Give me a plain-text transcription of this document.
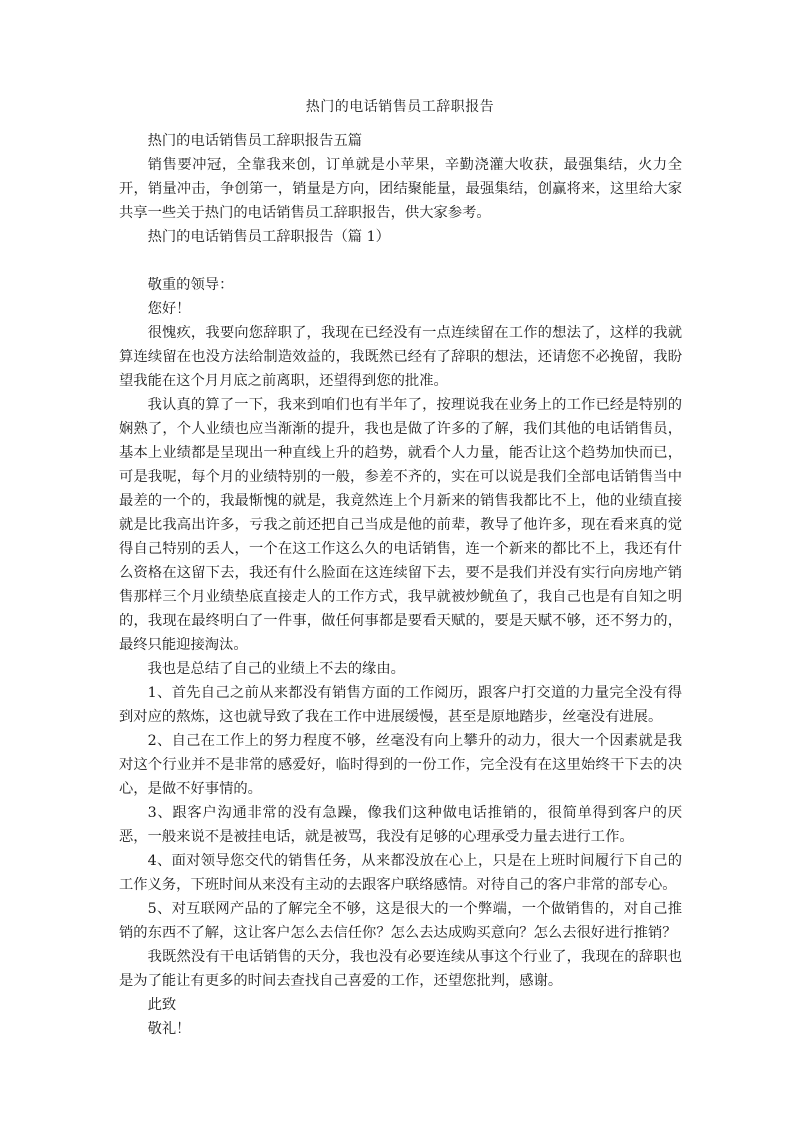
热门的电话销售员工辞职报告

热门的电话销售员工辞职报告五篇

销售要冲冠，全靠我来创，订单就是小苹果，辛勤浇灌大收获，最强集结，火力全开，销量冲击，争创第一，销量是方向，团结聚能量，最强集结，创赢将来，这里给大家共享一些关于热门的电话销售员工辞职报告，供大家参考。

热门的电话销售员工辞职报告（篇 1）

敬重的领导：

您好！

很愧疚，我要向您辞职了，我现在已经没有一点连续留在工作的想法了，这样的我就算连续留在也没方法给制造效益的，我既然已经有了辞职的想法，还请您不必挽留，我盼望我能在这个月月底之前离职，还望得到您的批准。

我认真的算了一下，我来到咱们也有半年了，按理说我在业务上的工作已经是特别的娴熟了，个人业绩也应当渐渐的提升，我也是做了许多的了解，我们其他的电话销售员，基本上业绩都是呈现出一种直线上升的趋势，就看个人力量，能否让这个趋势加快而已，可是我呢，每个月的业绩特别的一般，参差不齐的，实在可以说是我们全部电话销售当中最差的一个的，我最惭愧的就是，我竟然连上个月新来的销售我都比不上，他的业绩直接就是比我高出许多，亏我之前还把自己当成是他的前辈，教导了他许多，现在看来真的觉得自己特别的丢人，一个在这工作这么久的电话销售，连一个新来的都比不上，我还有什么资格在这留下去，我还有什么脸面在这连续留下去，要不是我们并没有实行向房地产销售那样三个月业绩垫底直接走人的工作方式，我早就被炒鱿鱼了，我自己也是有自知之明的，我现在最终明白了一件事，做任何事都是要看天赋的，要是天赋不够，还不努力的，最终只能迎接淘汰。

我也是总结了自己的业绩上不去的缘由。

1、首先自己之前从来都没有销售方面的工作阅历，跟客户打交道的力量完全没有得到对应的熬炼，这也就导致了我在工作中进展缓慢，甚至是原地踏步，丝毫没有进展。

2、自己在工作上的努力程度不够，丝毫没有向上攀升的动力，很大一个因素就是我对这个行业并不是非常的感爱好，临时得到的一份工作，完全没有在这里始终干下去的决心，是做不好事情的。

3、跟客户沟通非常的没有急躁，像我们这种做电话推销的，很简单得到客户的厌恶，一般来说不是被挂电话，就是被骂，我没有足够的心理承受力量去进行工作。

4、面对领导您交代的销售任务，从来都没放在心上，只是在上班时间履行下自己的工作义务，下班时间从来没有主动的去跟客户联络感情。对待自己的客户非常的部专心。

5、对互联网产品的了解完全不够，这是很大的一个弊端，一个做销售的，对自己推销的东西不了解，这让客户怎么去信任你？怎么去达成购买意向？怎么去很好进行推销？

我既然没有干电话销售的天分，我也没有必要连续从事这个行业了，我现在的辞职也是为了能让有更多的时间去查找自己喜爱的工作，还望您批判，感谢。

此致

敬礼！
